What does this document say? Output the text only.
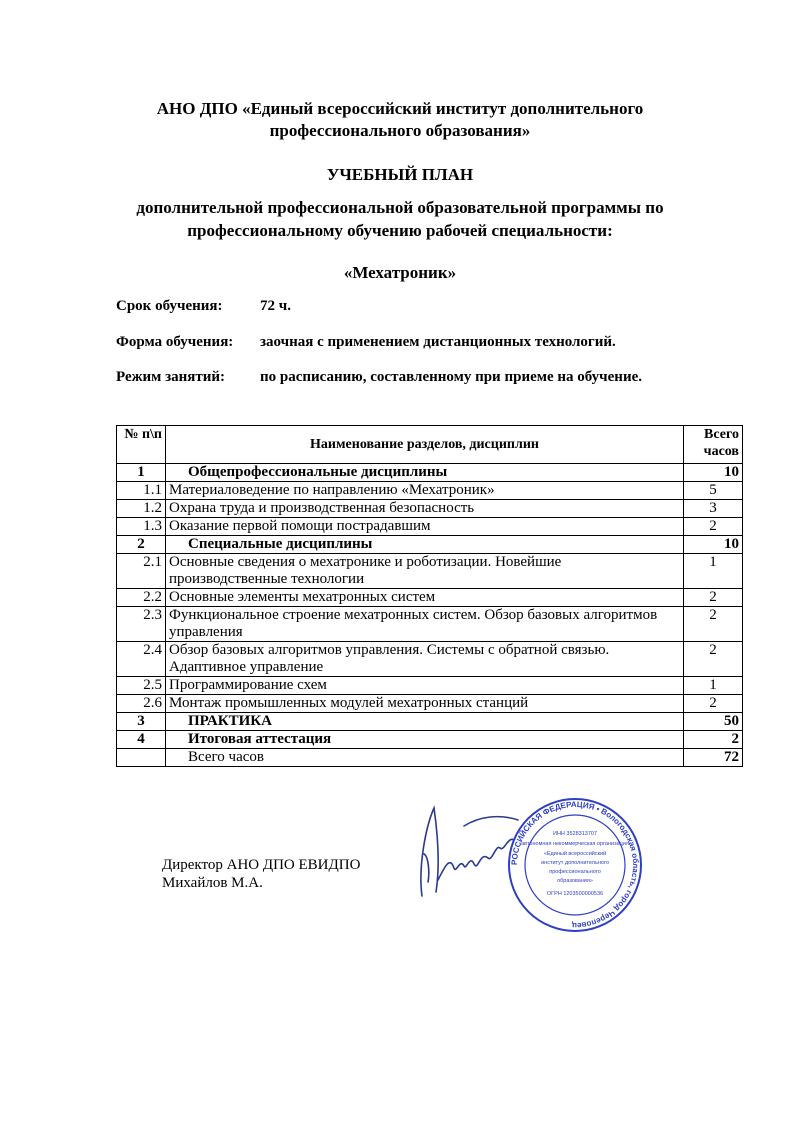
АНО ДПО «Единый всероссийский институт дополнительного
профессионального образования»
УЧЕБНЫЙ ПЛАН
дополнительной профессиональной образовательной программы по
профессиональному обучению рабочей специальности:
«Мехатроник»
Срок обучения: 72 ч.
Форма обучения: заочная с применением дистанционных технологий.
Режим занятий: по расписанию, составленному при приеме на обучение.
№ п\п	Наименование разделов, дисциплин	Всего часов
1	Общепрофессиональные дисциплины	10
1.1	Материаловедение по направлению «Мехатроник»	5
1.2	Охрана труда и производственная безопасность	3
1.3	Оказание первой помощи пострадавшим	2
2	Специальные дисциплины	10
2.1	Основные сведения о мехатронике и роботизации. Новейшие производственные технологии	1
2.2	Основные элементы мехатронных систем	2
2.3	Функциональное строение мехатронных систем. Обзор базовых алгоритмов управления	2
2.4	Обзор базовых алгоритмов управления. Системы с обратной связью. Адаптивное управление	2
2.5	Программирование схем	1
2.6	Монтаж промышленных модулей мехатронных станций	2
3	ПРАКТИКА	50
4	Итоговая аттестация	2
	Всего часов	72
Директор АНО ДПО ЕВИДПО
Михайлов М.А.
РОССИЙСКАЯ ФЕДЕРАЦИЯ • Вологодская область, город Череповец
ИНН 3528313707
автономная некоммерческая организация
«Единый всероссийский
институт дополнительного
профессионального
образования»
ОГРН 1203500000536
